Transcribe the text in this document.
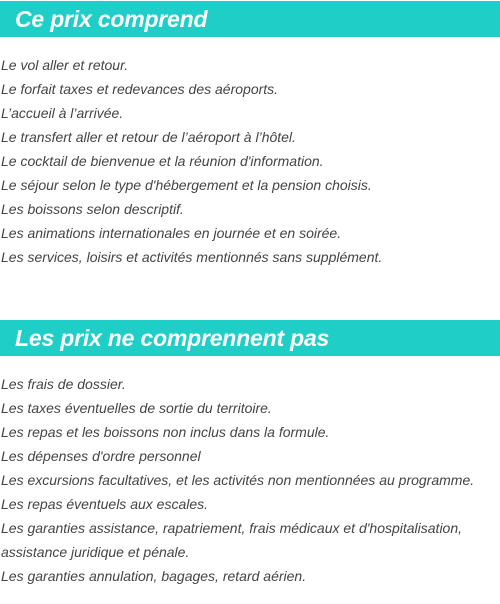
Ce prix comprend
Le vol aller et retour.
Le forfait taxes et redevances des aéroports.
L’accueil à l’arrivée.
Le transfert aller et retour de l’aéroport à l’hôtel.
Le cocktail de bienvenue et la réunion d'information.
Le séjour selon le type d'hébergement et la pension choisis.
Les boissons selon descriptif.
Les animations internationales en journée et en soirée.
Les services, loisirs et activités mentionnés sans supplément.
Les prix ne comprennent pas
Les frais de dossier.
Les taxes éventuelles de sortie du territoire.
Les repas et les boissons non inclus dans la formule.
Les dépenses d'ordre personnel
Les excursions facultatives, et les activités non mentionnées au programme.
Les repas éventuels aux escales.
Les garanties assistance, rapatriement, frais médicaux et d'hospitalisation, assistance juridique et pénale.
Les garanties annulation, bagages, retard aérien.
